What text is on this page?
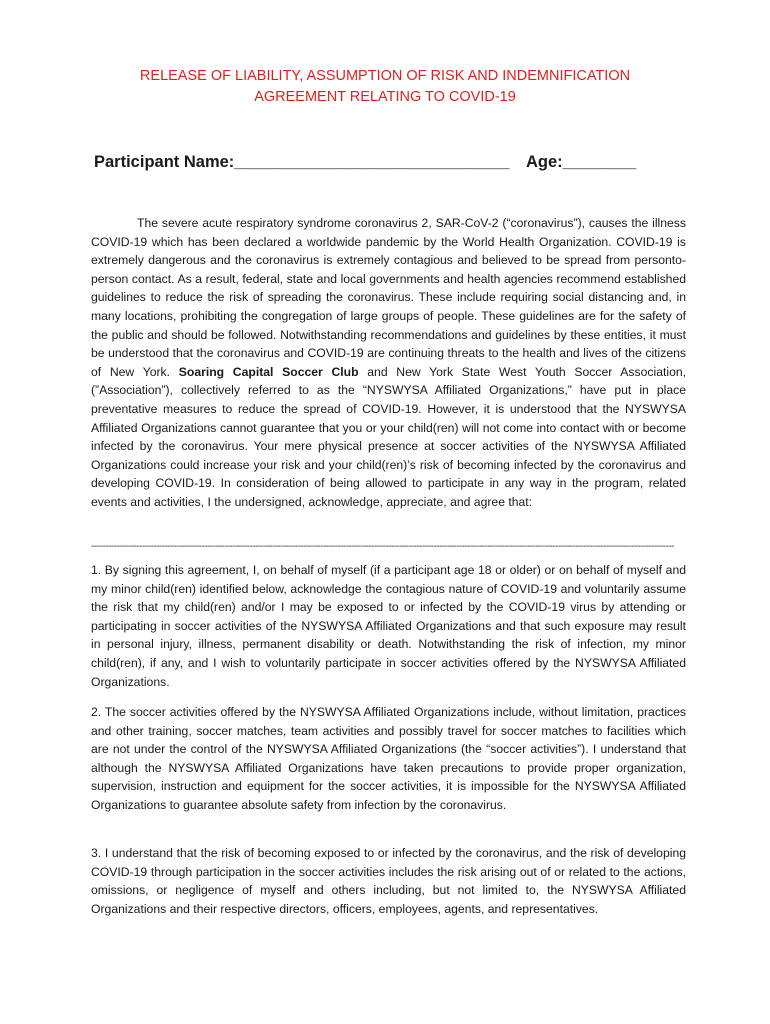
RELEASE OF LIABILITY, ASSUMPTION OF RISK AND INDEMNIFICATION
AGREEMENT RELATING TO COVID-19
Participant Name:______________________________ Age:________

The severe acute respiratory syndrome coronavirus 2, SAR-CoV-2 (“coronavirus”), causes the illness COVID-19 which has been declared a worldwide pandemic by the World Health Organization. COVID-19 is extremely dangerous and the coronavirus is extremely contagious and believed to be spread from personto-person contact. As a result, federal, state and local governments and health agencies recommend established guidelines to reduce the risk of spreading the coronavirus. These include requiring social distancing and, in many locations, prohibiting the congregation of large groups of people. These guidelines are for the safety of the public and should be followed. Notwithstanding recommendations and guidelines by these entities, it must be understood that the coronavirus and COVID-19 are continuing threats to the health and lives of the citizens of New York. Soaring Capital Soccer Club and New York State West Youth Soccer Association, (”Association”), collectively referred to as the “NYSWYSA Affiliated Organizations,” have put in place preventative measures to reduce the spread of COVID-19. However, it is understood that the NYSWYSA Affiliated Organizations cannot guarantee that you or your child(ren) will not come into contact with or become infected by the coronavirus. Your mere physical presence at soccer activities of the NYSWYSA Affiliated Organizations could increase your risk and your child(ren)’s risk of becoming infected by the coronavirus and developing COVID-19. In consideration of being allowed to participate in any way in the program, related events and activities, I the undersigned, acknowledge, appreciate, and agree that:

--------------------------------------------------------------------------------------------------------------------------------------------------------------------------------------------------------------

1. By signing this agreement, I, on behalf of myself (if a participant age 18 or older) or on behalf of myself and my minor child(ren) identified below, acknowledge the contagious nature of COVID-19 and voluntarily assume the risk that my child(ren) and/or I may be exposed to or infected by the COVID-19 virus by attending or participating in soccer activities of the NYSWYSA Affiliated Organizations and that such exposure may result in personal injury, illness, permanent disability or death. Notwithstanding the risk of infection, my minor child(ren), if any, and I wish to voluntarily participate in soccer activities offered by the NYSWYSA Affiliated Organizations.

2. The soccer activities offered by the NYSWYSA Affiliated Organizations include, without limitation, practices and other training, soccer matches, team activities and possibly travel for soccer matches to facilities which are not under the control of the NYSWYSA Affiliated Organizations (the “soccer activities”). I understand that although the NYSWYSA Affiliated Organizations have taken precautions to provide proper organization, supervision, instruction and equipment for the soccer activities, it is impossible for the NYSWYSA Affiliated Organizations to guarantee absolute safety from infection by the coronavirus.

3. I understand that the risk of becoming exposed to or infected by the coronavirus, and the risk of developing COVID-19 through participation in the soccer activities includes the risk arising out of or related to the actions, omissions, or negligence of myself and others including, but not limited to, the NYSWYSA Affiliated Organizations and their respective directors, officers, employees, agents, and representatives.
